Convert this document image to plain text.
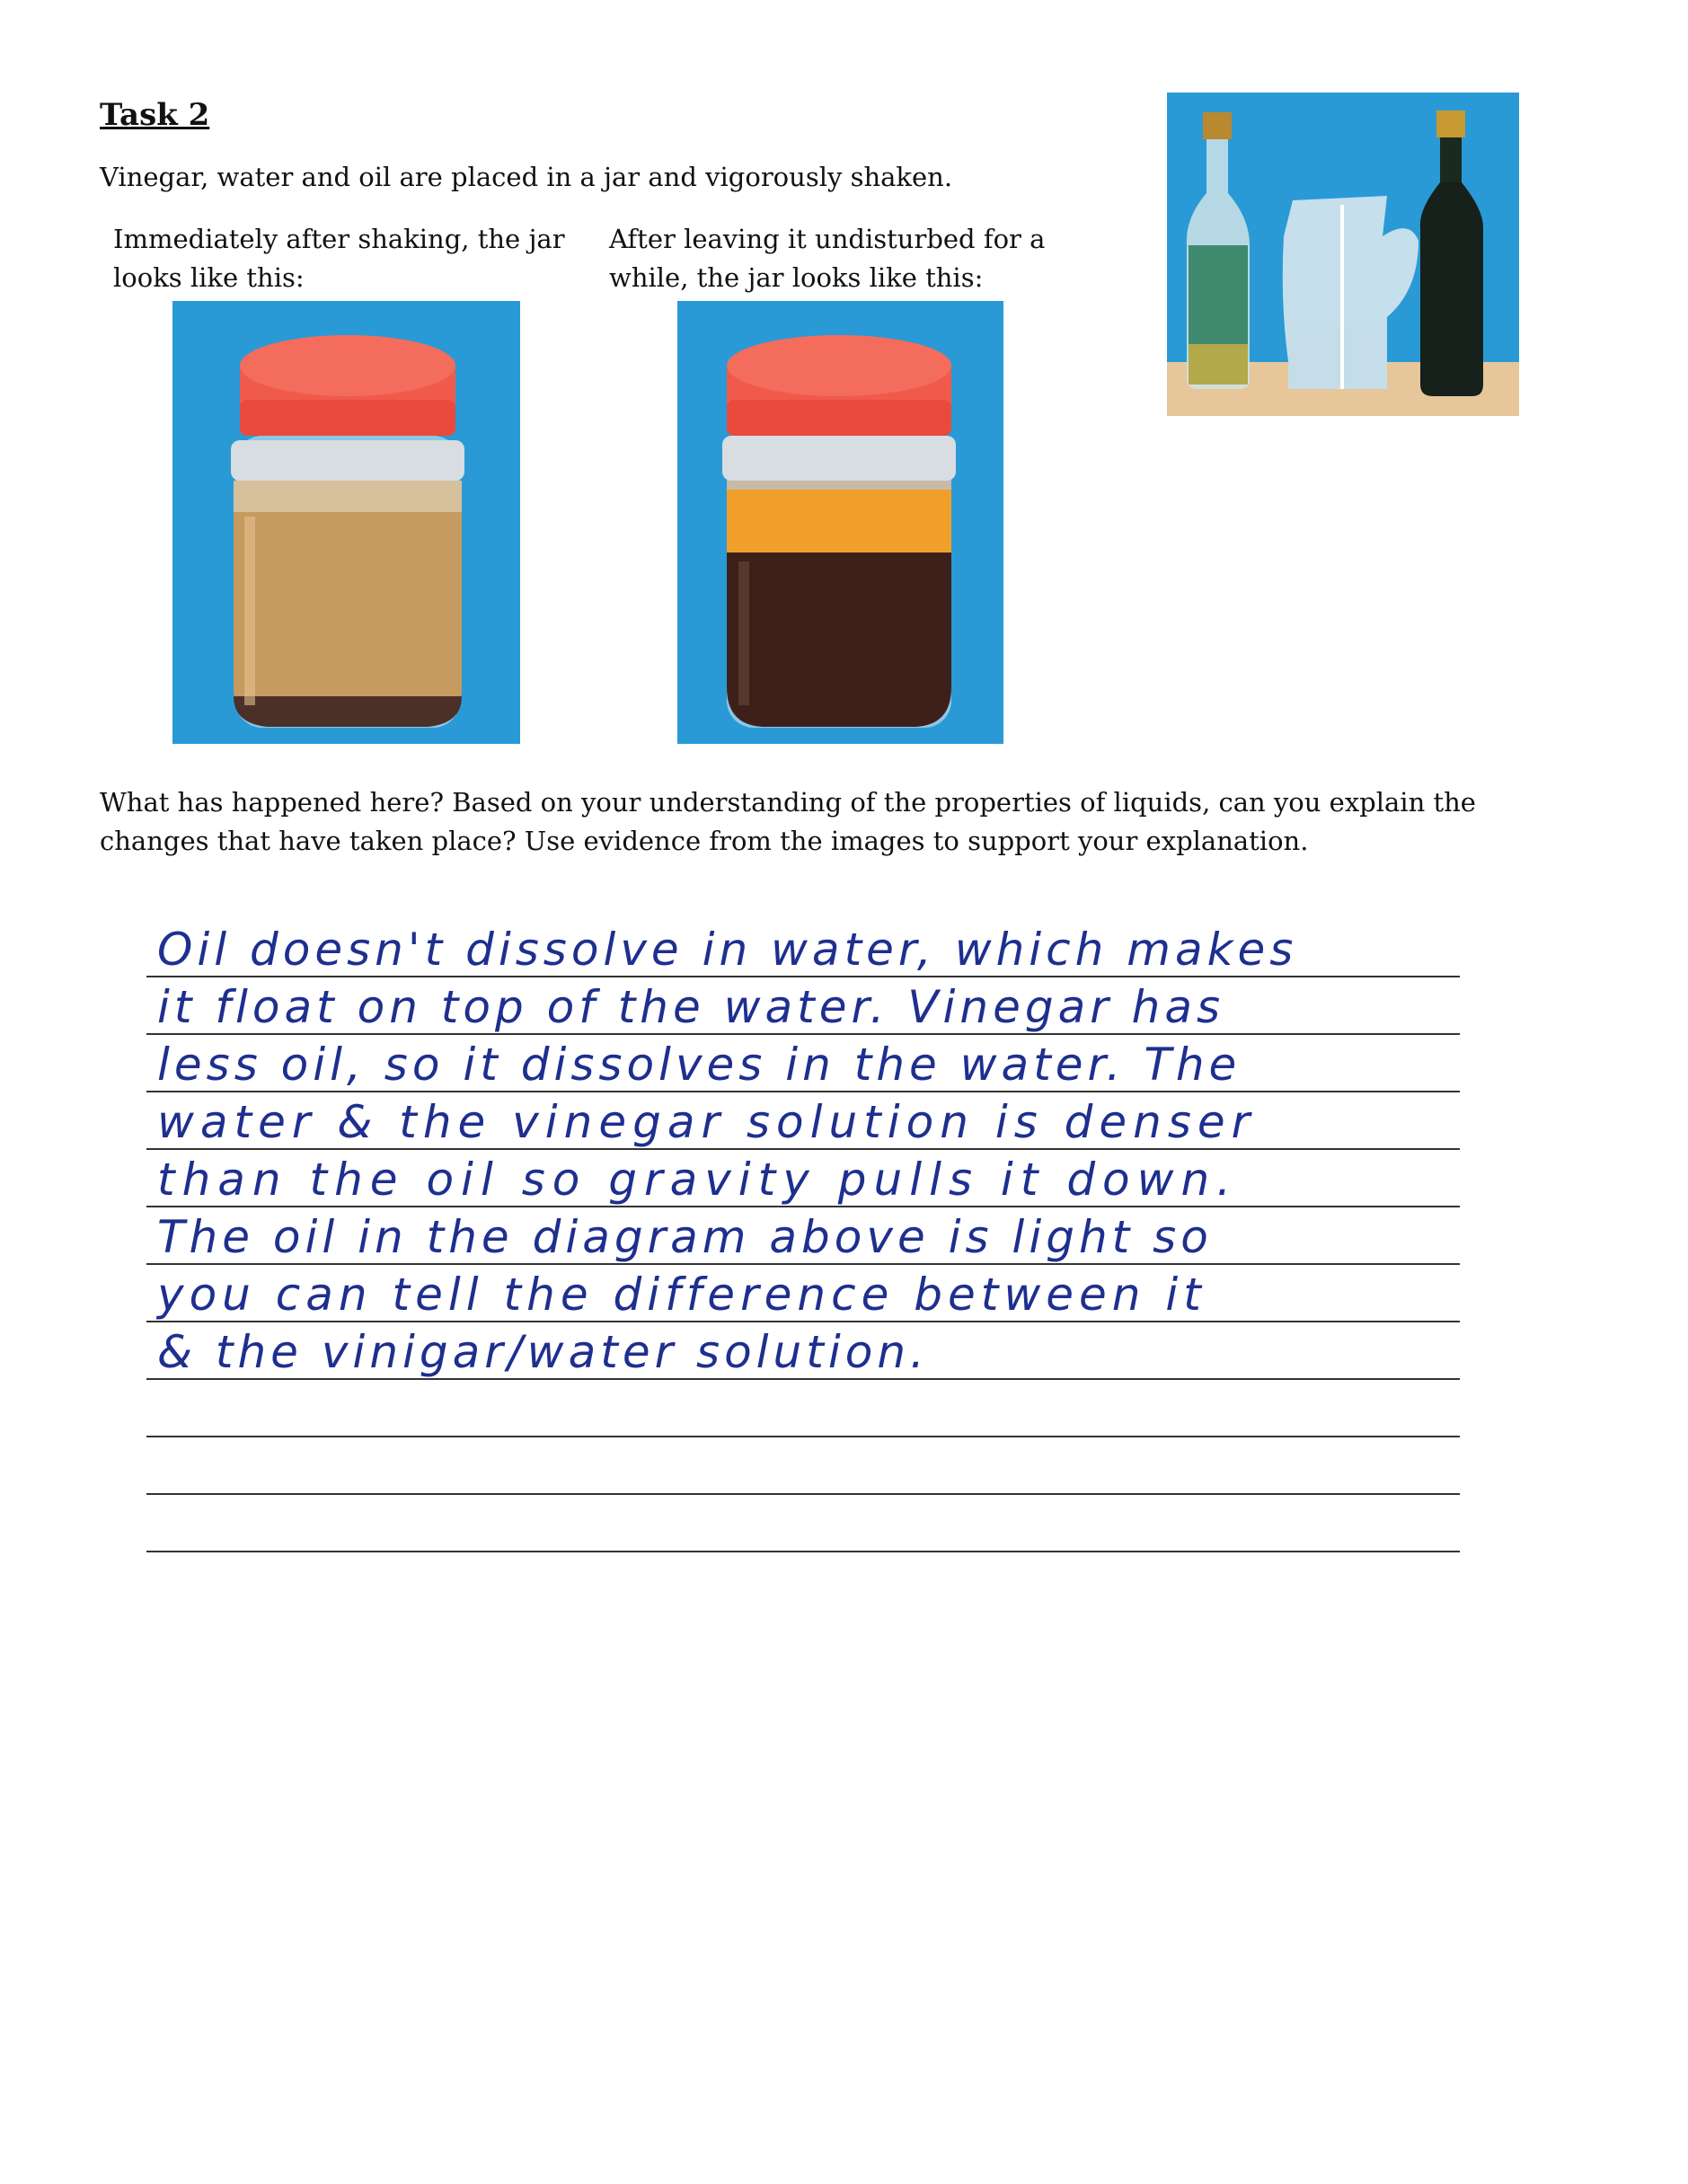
Task 2
Vinegar, water and oil are placed in a jar and vigorously shaken.
Immediately after shaking, the jar looks like this:
After leaving it undisturbed for a while, the jar looks like this:
What has happened here? Based on your understanding of the properties of liquids, can you explain the changes that have taken place? Use evidence from the images to support your explanation.
Oil doesn't dissolve in water, which makes
it float on top of the water. Vinegar has
less oil, so it dissolves in the water. The
water & the vinegar solution is denser
than the oil so gravity pulls it down.
The oil in the diagram above is light so
you can tell the difference between it
& the vinigar/water solution.
